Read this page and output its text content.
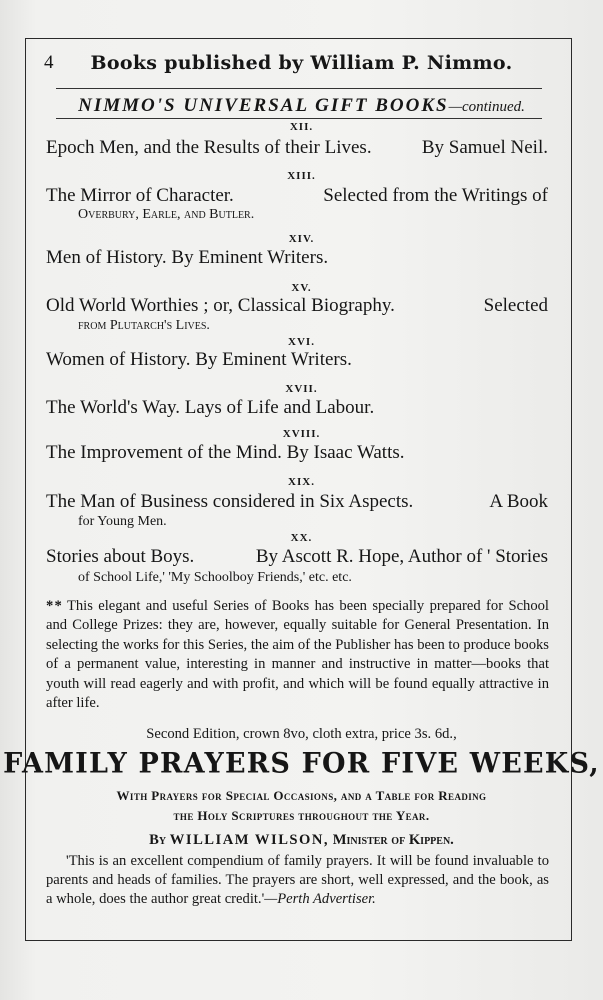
4	Books published by William P. Nimmo.
NIMMO'S UNIVERSAL GIFT BOOKS—continued.
XII.
Epoch Men, and the Results of their Lives.	By Samuel Neil.
XIII.
The Mirror of Character.	Selected from the Writings of
Overbury, Earle, and Butler.
XIV.
Men of History. By Eminent Writers.
XV.
Old World Worthies ; or, Classical Biography.	Selected
from Plutarch's Lives.
XVI.
Women of History. By Eminent Writers.
XVII.
The World's Way. Lays of Life and Labour.
XVIII.
The Improvement of the Mind. By Isaac Watts.
XIX.
The Man of Business considered in Six Aspects.	A Book
for Young Men.
XX.
Stories about Boys.	By Ascott R. Hope, Author of ' Stories
of School Life,' 'My Schoolboy Friends,' etc. etc.
* * This elegant and useful Series of Books has been specially prepared for School and College Prizes: they are, however, equally suitable for General Presentation. In selecting the works for this Series, the aim of the Publisher has been to produce books of a permanent value, interesting in manner and instructive in matter—books that youth will read eagerly and with profit, and which will be found equally attractive in after life.
Second Edition, crown 8vo, cloth extra, price 3s. 6d.,
FAMILY PRAYERS FOR FIVE WEEKS,
With Prayers for Special Occasions, and a Table for Reading
the Holy Scriptures throughout the Year.
By WILLIAM WILSON, Minister of Kippen.
'This is an excellent compendium of family prayers. It will be found invaluable to parents and heads of families. The prayers are short, well expressed, and the book, as a whole, does the author great credit.'—Perth Advertiser.
